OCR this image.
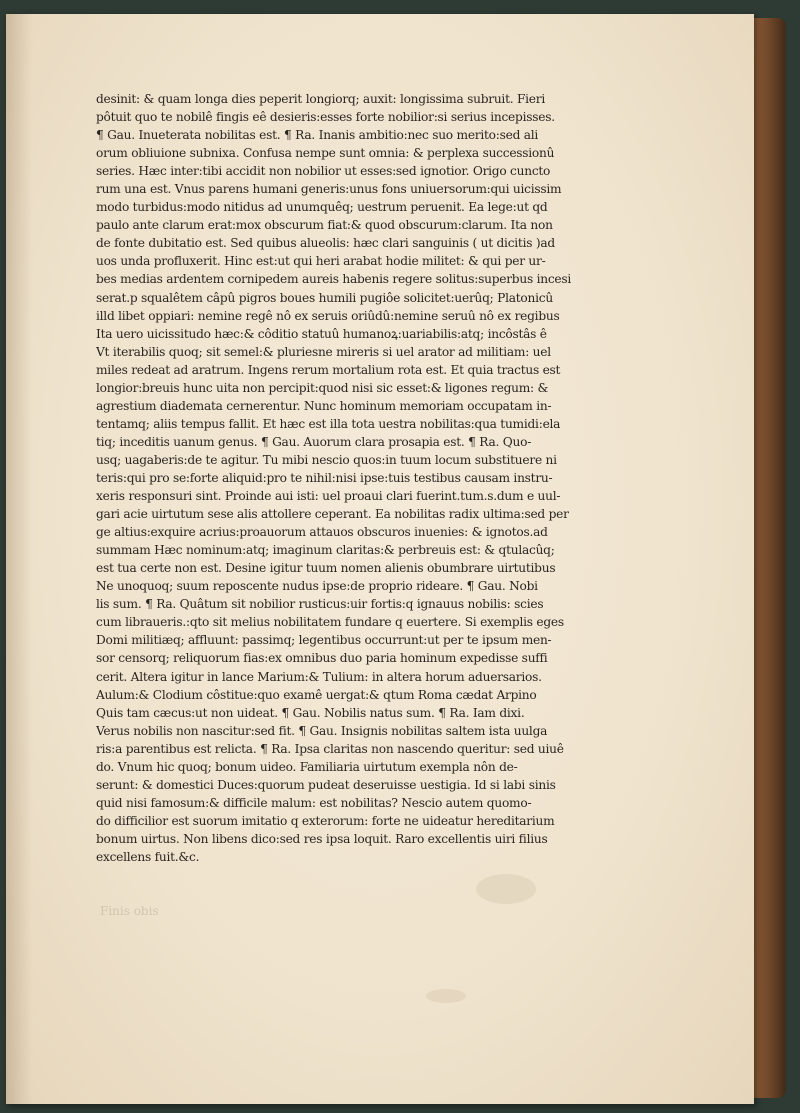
desinit: & quam longa dies peperit longiorq; auxit: longissima subruit. Fieri
pôtuit quo te nobilê fingis eê desieris:esses forte nobilior:si serius incepisses.
¶ Gau. Inueterata nobilitas est. ¶ Ra. Inanis ambitio:nec suo merito:sed ali
orum obliuione subnixa. Confusa nempe sunt omnia: & perplexa successionû
series. Hæc inter:tibi accidit non nobilior ut esses:sed ignotior. Origo cuncto
rum una est. Vnus parens humani generis:unus fons uniuersorum:qui uicissim
modo turbidus:modo nitidus ad unumquêq; uestrum peruenit. Ea lege:ut qd
paulo ante clarum erat:mox obscurum fiat:& quod obscurum:clarum. Ita non
de fonte dubitatio est. Sed quibus alueolis: hæc clari sanguinis ( ut dicitis )ad
uos unda profluxerit. Hinc est:ut qui heri arabat hodie militet: & qui per ur-
bes medias ardentem cornipedem aureis habenis regere solitus:superbus incesi
serat.p squalêtem câpû pigros boues humili pugiôe solicitet:uerûq; Platonicû
illd libet oppiari: nemine regê nô ex seruis oriûdû:nemine seruû nô ex regibus
Ita uero uicissitudo hæc:& côditio statuû humanoꝝ:uariabilis:atq; incôstâs ê
Vt iterabilis quoq; sit semel:& pluriesne mireris si uel arator ad militiam: uel
miles redeat ad aratrum. Ingens rerum mortalium rota est. Et quia tractus est
longior:breuis hunc uita non percipit:quod nisi sic esset:& ligones regum: &
agrestium diademata cernerentur. Nunc hominum memoriam occupatam in-
tentamq; aliis tempus fallit. Et hæc est illa tota uestra nobilitas:qua tumidi:ela
tiq; inceditis uanum genus. ¶ Gau. Auorum clara prosapia est. ¶ Ra. Quo-
usq; uagaberis:de te agitur. Tu mibi nescio quos:in tuum locum substituere ni
teris:qui pro se:forte aliquid:pro te nihil:nisi ipse:tuis testibus causam instru-
xeris responsuri sint. Proinde aui isti: uel proaui clari fuerint.tum.s.dum e uul-
gari acie uirtutum sese alis attollere ceperant. Ea nobilitas radix ultima:sed per
ge altius:exquire acrius:proauorum attauos obscuros inuenies: & ignotos.ad
summam Hæc nominum:atq; imaginum claritas:& perbreuis est: & qtulacûq;
est tua certe non est. Desine igitur tuum nomen alienis obumbrare uirtutibus
Ne unoquoq; suum reposcente nudus ipse:de proprio rideare. ¶ Gau. Nobi
lis sum. ¶ Ra. Quâtum sit nobilior rusticus:uir fortis:q ignauus nobilis: scies
cum libraueris.:qto sit melius nobilitatem fundare q euertere. Si exemplis eges
Domi militiæq; affluunt: passimq; legentibus occurrunt:ut per te ipsum men-
sor censorq; reliquorum fias:ex omnibus duo paria hominum expedisse suffi
cerit. Altera igitur in lance Marium:& Tulium: in altera horum aduersarios.
Aulum:& Clodium côstitue:quo examê uergat:& qtum Roma cædat Arpino
Quis tam cæcus:ut non uideat. ¶ Gau. Nobilis natus sum. ¶ Ra. Iam dixi.
Verus nobilis non nascitur:sed fit. ¶ Gau. Insignis nobilitas saltem ista uulga
ris:a parentibus est relicta. ¶ Ra. Ipsa claritas non nascendo queritur: sed uiuê
do. Vnum hic quoq; bonum uideo. Familiaria uirtutum exempla nôn de-
serunt: & domestici Duces:quorum pudeat deseruisse uestigia. Id si labi sinis
quid nisi famosum:& difficile malum: est nobilitas? Nescio autem quomo-
do difficilior est suorum imitatio q exterorum: forte ne uideatur hereditarium
bonum uirtus. Non libens dico:sed res ipsa loquit. Raro excellentis uiri filius
excellens fuit.&c.
Finis obis
